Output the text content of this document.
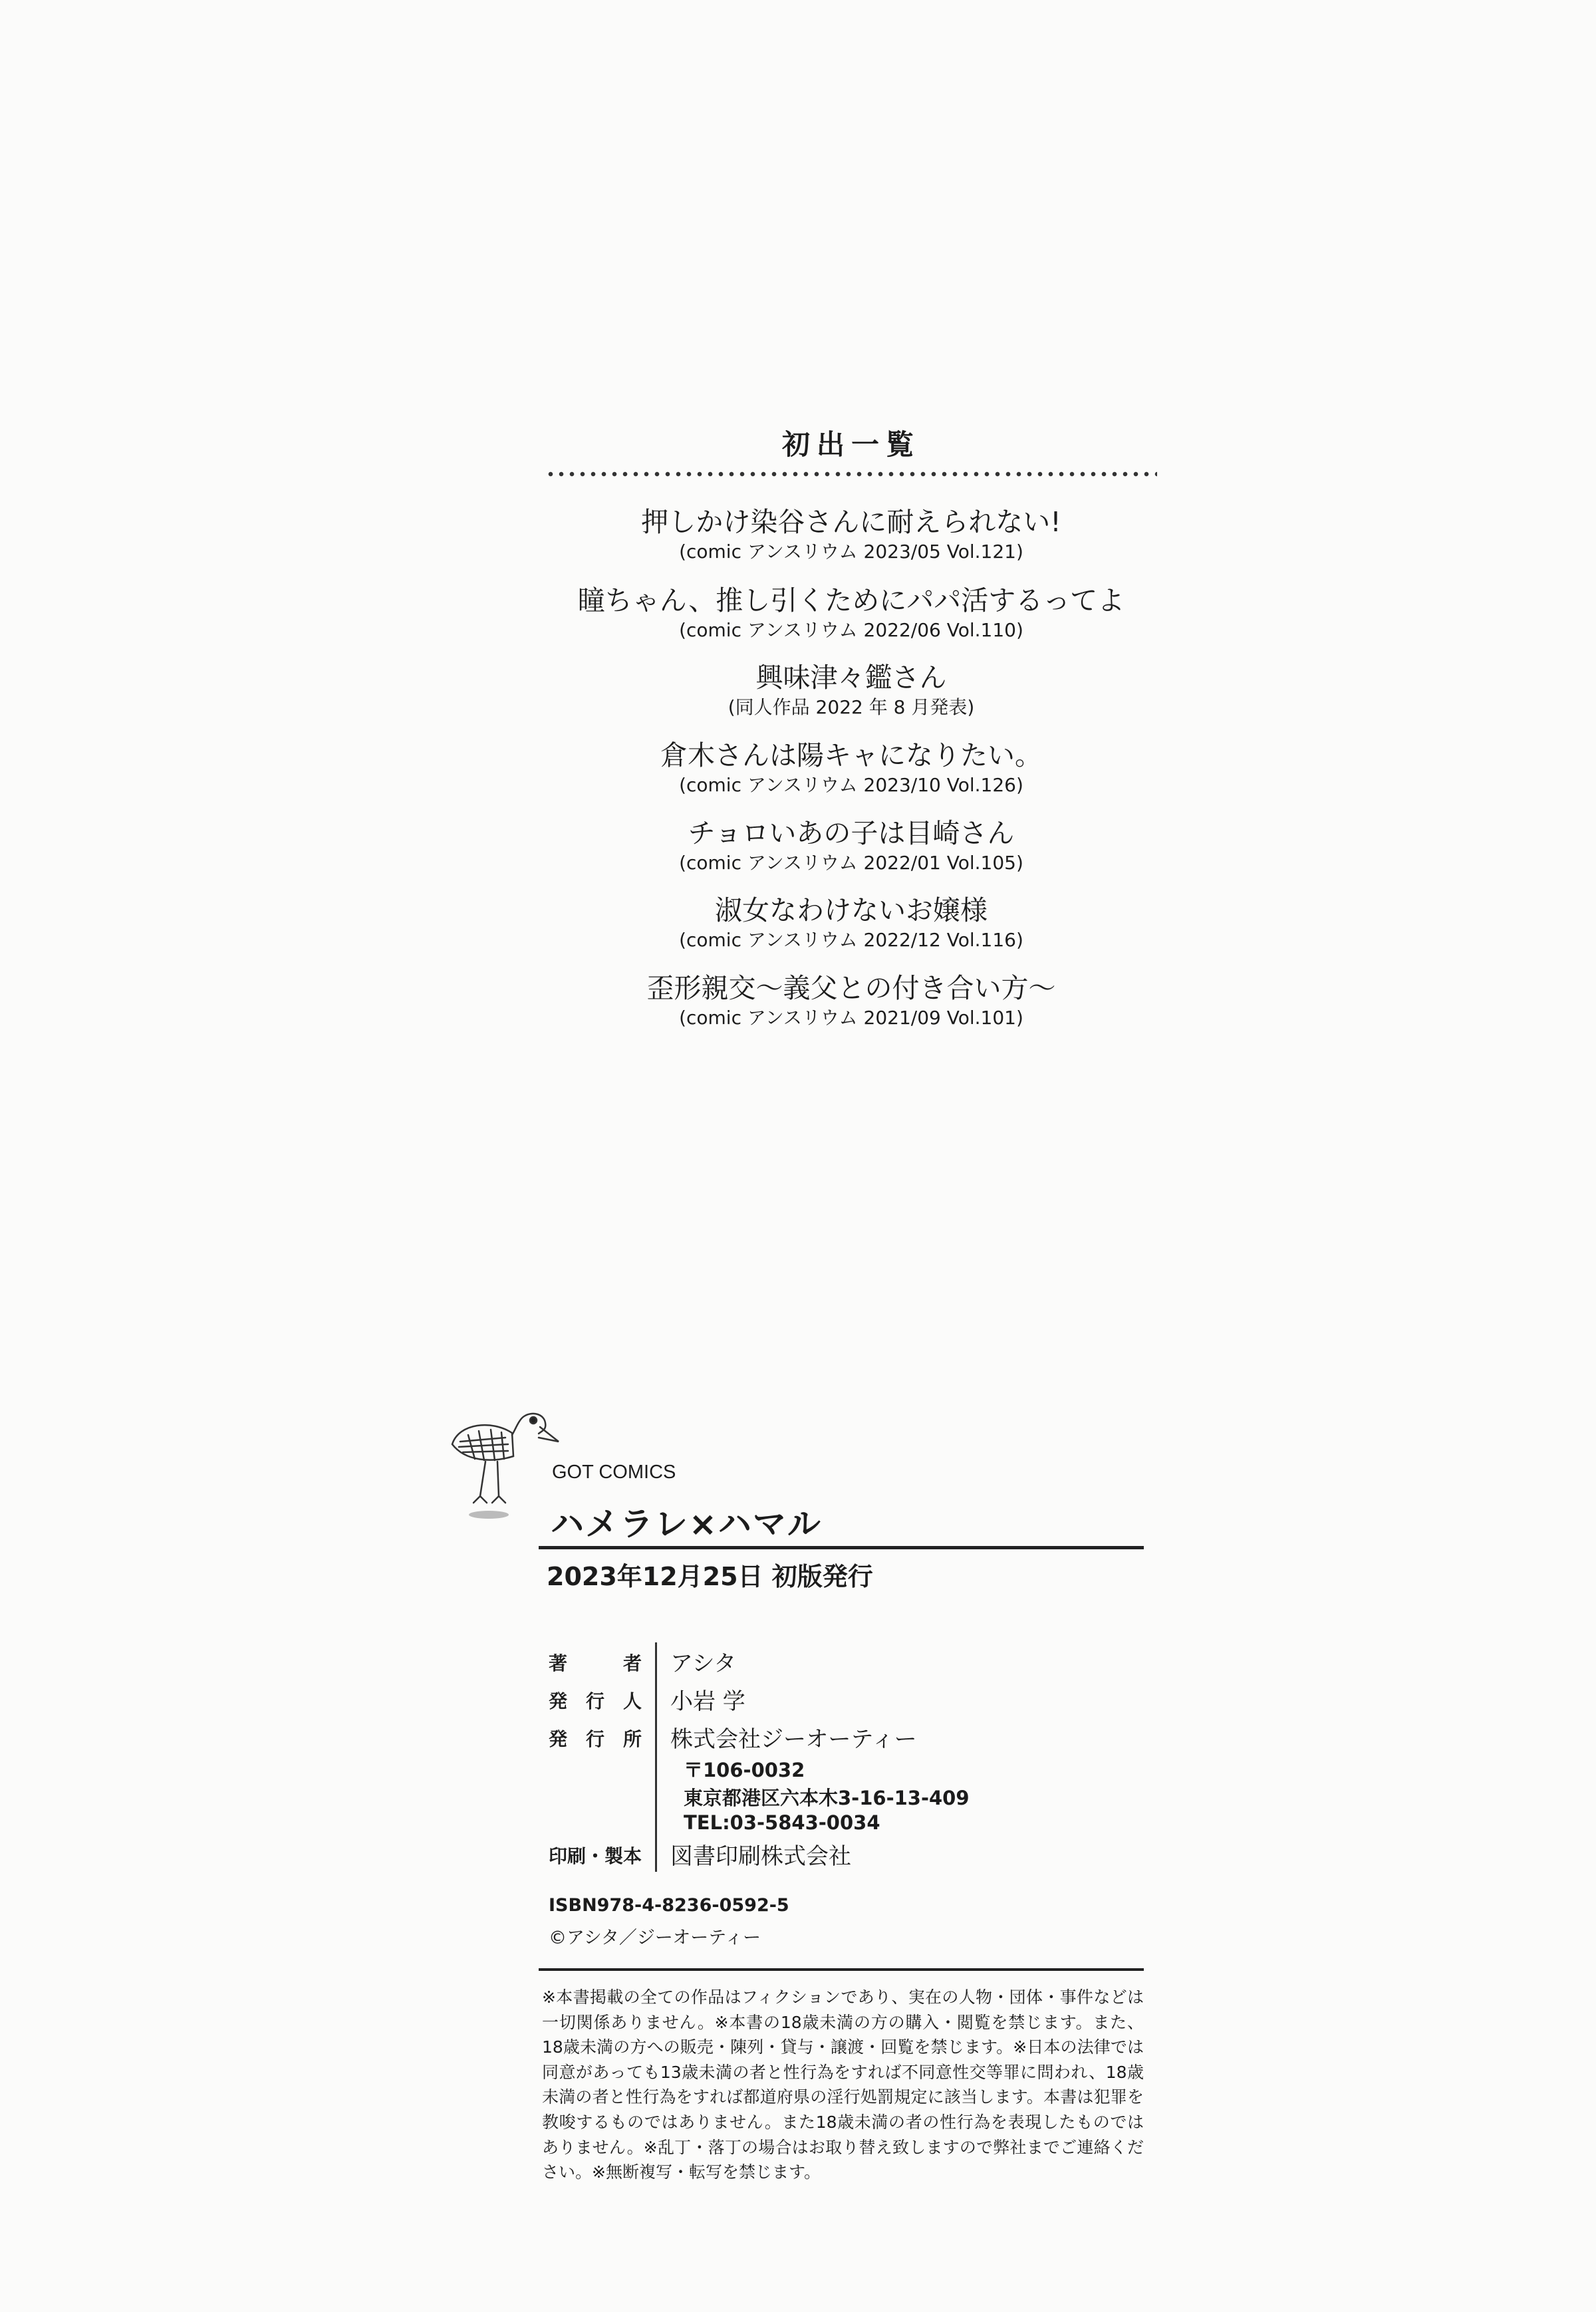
初出一覧
押しかけ染谷さんに耐えられない!
(comic アンスリウム 2023/05 Vol.121)
瞳ちゃん、推し引くためにパパ活するってよ
(comic アンスリウム 2022/06 Vol.110)
興味津々鑑さん
(同人作品 2022 年 8 月発表)
倉木さんは陽キャになりたい。
(comic アンスリウム 2023/10 Vol.126)
チョロいあの子は目崎さん
(comic アンスリウム 2022/01 Vol.105)
淑女なわけないお嬢様
(comic アンスリウム 2022/12 Vol.116)
歪形親交～義父との付き合い方～
(comic アンスリウム 2021/09 Vol.101)
GOT COMICS
ハメラレ×ハマル
2023年12月25日 初版発行
著　者 アシタ
発行人 小岩 学
発行所 株式会社ジーオーティー
〒106-0032
東京都港区六本木3-16-13-409
TEL:03-5843-0034
印刷・製本 図書印刷株式会社
ISBN978-4-8236-0592-5
©アシタ／ジーオーティー
※本書掲載の全ての作品はフィクションであり、実在の人物・団体・事件などは一切関係ありません。※本書の18歳未満の方の購入・閲覧を禁じます。また、18歳未満の方への販売・陳列・貸与・譲渡・回覧を禁じます。※日本の法律では同意があっても13歳未満の者と性行為をすれば不同意性交等罪に問われ、18歳未満の者と性行為をすれば都道府県の淫行処罰規定に該当します。本書は犯罪を教唆するものではありません。また18歳未満の者の性行為を表現したものではありません。※乱丁・落丁の場合はお取り替え致しますので弊社までご連絡ください。※無断複写・転写を禁じます。
